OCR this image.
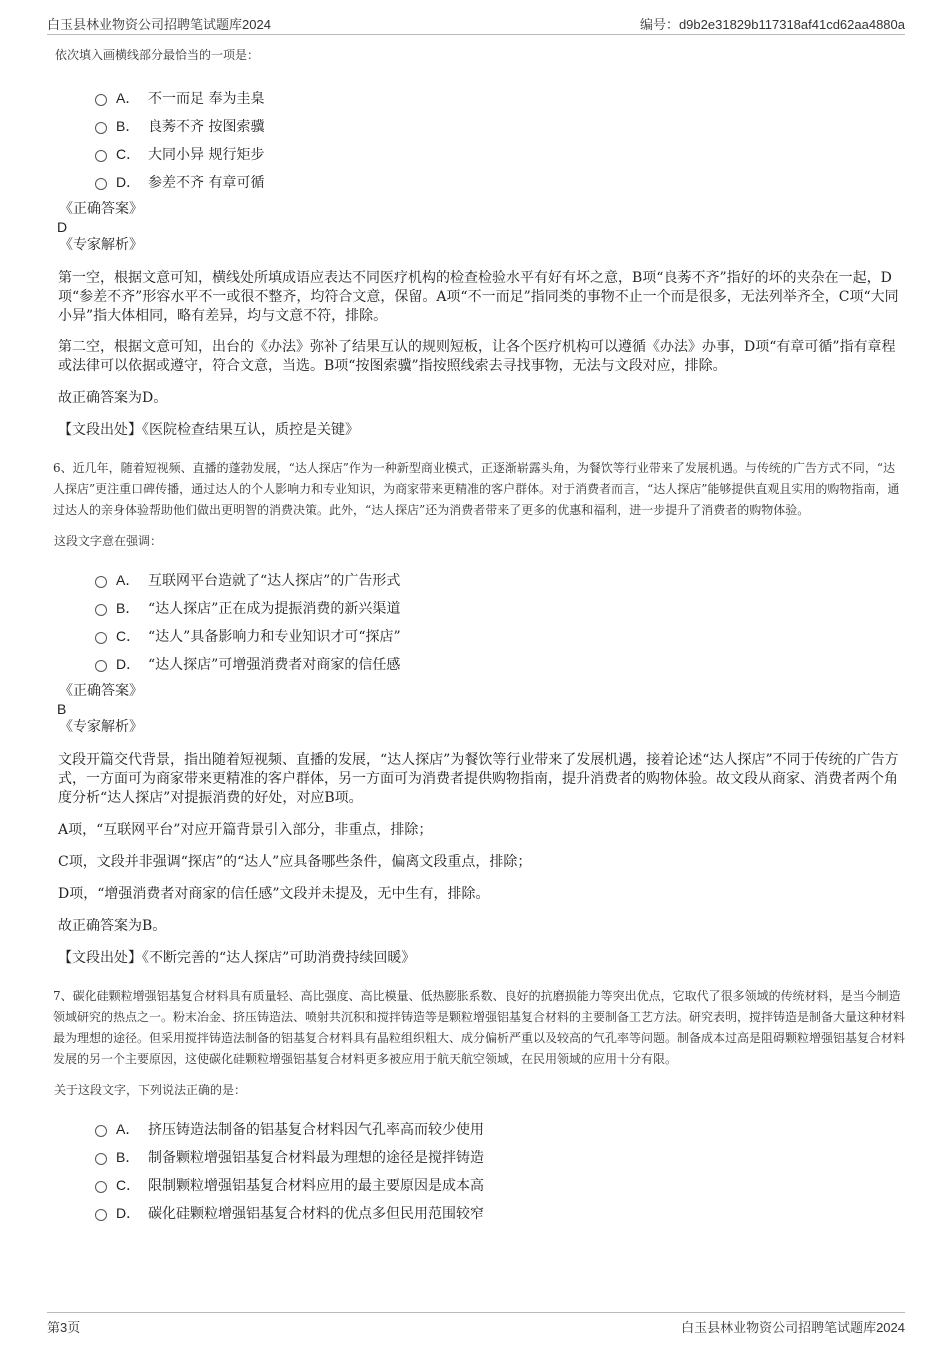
白玉县林业物资公司招聘笔试题库2024	编号：d9b2e31829b117318af41cd62aa4880a

依次填入画横线部分最恰当的一项是：

A． 不一而足 奉为圭臬
B． 良莠不齐 按图索骥
C． 大同小异 规行矩步
D． 参差不齐 有章可循

《正确答案》

D

《专家解析》

第一空，根据文意可知，横线处所填成语应表达不同医疗机构的检查检验水平有好有坏之意，B项“良莠不齐”指好的坏的夹杂在一起，D项“参差不齐”形容水平不一或很不整齐，均符合文意，保留。A项“不一而足”指同类的事物不止一个而是很多，无法列举齐全，C项“大同小异”指大体相同，略有差异，均与文意不符，排除。

第二空，根据文意可知，出台的《办法》弥补了结果互认的规则短板，让各个医疗机构可以遵循《办法》办事，D项“有章可循”指有章程或法律可以依据或遵守，符合文意，当选。B项“按图索骥”指按照线索去寻找事物，无法与文段对应，排除。

故正确答案为D。

【文段出处】《医院检查结果互认，质控是关键》

6、近几年，随着短视频、直播的蓬勃发展，“达人探店”作为一种新型商业模式，正逐渐崭露头角，为餐饮等行业带来了发展机遇。与传统的广告方式不同，“达人探店”更注重口碑传播，通过达人的个人影响力和专业知识，为商家带来更精准的客户群体。对于消费者而言，“达人探店”能够提供直观且实用的购物指南，通过达人的亲身体验帮助他们做出更明智的消费决策。此外，“达人探店”还为消费者带来了更多的优惠和福利，进一步提升了消费者的购物体验。

这段文字意在强调：

A． 互联网平台造就了“达人探店”的广告形式
B． “达人探店”正在成为提振消费的新兴渠道
C． “达人”具备影响力和专业知识才可“探店”
D． “达人探店”可增强消费者对商家的信任感

《正确答案》

B

《专家解析》

文段开篇交代背景，指出随着短视频、直播的发展，“达人探店”为餐饮等行业带来了发展机遇，接着论述“达人探店”不同于传统的广告方式，一方面可为商家带来更精准的客户群体，另一方面可为消费者提供购物指南，提升消费者的购物体验。故文段从商家、消费者两个角度分析“达人探店”对提振消费的好处，对应B项。

A项，“互联网平台”对应开篇背景引入部分，非重点，排除；

C项，文段并非强调“探店”的“达人”应具备哪些条件，偏离文段重点，排除；

D项，“增强消费者对商家的信任感”文段并未提及，无中生有，排除。

故正确答案为B。

【文段出处】《不断完善的“达人探店”可助消费持续回暖》

7、碳化硅颗粒增强铝基复合材料具有质量轻、高比强度、高比模量、低热膨胀系数、良好的抗磨损能力等突出优点，它取代了很多领域的传统材料，是当今制造领域研究的热点之一。粉末冶金、挤压铸造法、喷射共沉积和搅拌铸造等是颗粒增强铝基复合材料的主要制备工艺方法。研究表明，搅拌铸造是制备大量这种材料最为理想的途径。但采用搅拌铸造法制备的铝基复合材料具有晶粒组织粗大、成分偏析严重以及较高的气孔率等问题。制备成本过高是阻碍颗粒增强铝基复合材料发展的另一个主要原因，这使碳化硅颗粒增强铝基复合材料更多被应用于航天航空领域，在民用领域的应用十分有限。

关于这段文字，下列说法正确的是：

A． 挤压铸造法制备的铝基复合材料因气孔率高而较少使用
B． 制备颗粒增强铝基复合材料最为理想的途径是搅拌铸造
C． 限制颗粒增强铝基复合材料应用的最主要原因是成本高
D． 碳化硅颗粒增强铝基复合材料的优点多但民用范围较窄
第3页	白玉县林业物资公司招聘笔试题库2024
